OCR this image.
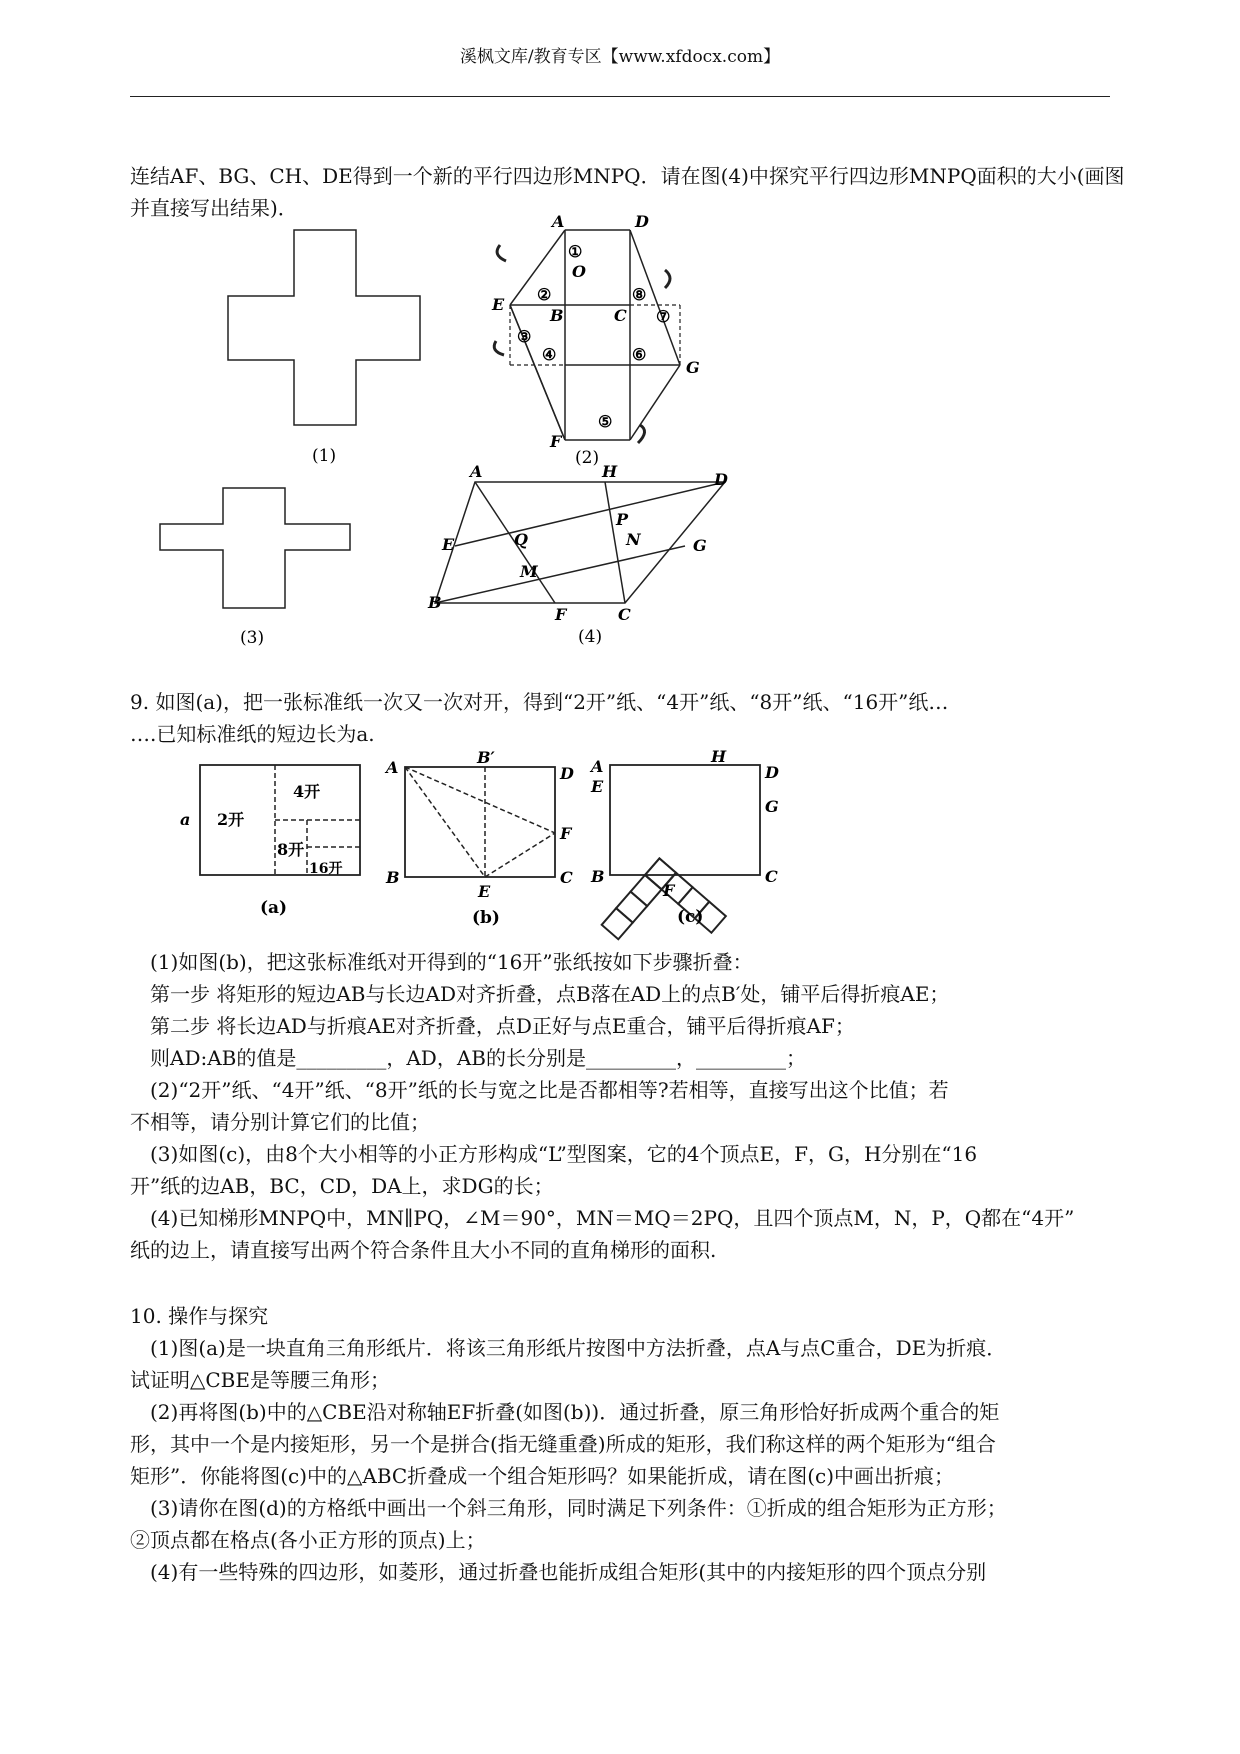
溪枫文库/教育专区【www.xfdocx.com】
连结AF、BG、CH、DE得到一个新的平行四边形MNPQ．请在图(4)中探究平行四边形MNPQ面积的大小(画图
并直接写出结果)．
(1)
A	D
O
E
B	C
G
F
①
②
③
④
⑤
⑥
⑦
⑧
(2)
(3)
A	H	D
P
E	Q	N	G
M
B
F	C
(4)
9. 如图(a)，把一张标准纸一次又一次对开，得到“2开”纸、“4开”纸、“8开”纸、“16开”纸…
….已知标准纸的短边长为a.
a 2开
4开
8开
16开
(a)
A
B′
D
F
B	C
E
(b)
A
E
H
D
G
B	C
F
(c)
(1)如图(b)，把这张标准纸对开得到的“16开”张纸按如下步骤折叠：
第一步 将矩形的短边AB与长边AD对齐折叠，点B落在AD上的点B′处，铺平后得折痕AE；
第二步 将长边AD与折痕AE对齐折叠，点D正好与点E重合，铺平后得折痕AF；
则AD:AB的值是_________，AD，AB的长分别是_________，_________；
(2)“2开”纸、“4开”纸、“8开”纸的长与宽之比是否都相等?若相等，直接写出这个比值；若
不相等，请分别计算它们的比值；
(3)如图(c)，由8个大小相等的小正方形构成“L”型图案，它的4个顶点E，F，G，H分别在“16
开”纸的边AB，BC，CD，DA上，求DG的长；
(4)已知梯形MNPQ中，MN∥PQ，∠M＝90°，MN＝MQ＝2PQ，且四个顶点M，N，P，Q都在“4开”
纸的边上，请直接写出两个符合条件且大小不同的直角梯形的面积.
10. 操作与探究
(1)图(a)是一块直角三角形纸片．将该三角形纸片按图中方法折叠，点A与点C重合，DE为折痕．
试证明△CBE是等腰三角形；
(2)再将图(b)中的△CBE沿对称轴EF折叠(如图(b))．通过折叠，原三角形恰好折成两个重合的矩
形，其中一个是内接矩形，另一个是拼合(指无缝重叠)所成的矩形，我们称这样的两个矩形为“组合
矩形”．你能将图(c)中的△ABC折叠成一个组合矩形吗？如果能折成，请在图(c)中画出折痕；
(3)请你在图(d)的方格纸中画出一个斜三角形，同时满足下列条件：①折成的组合矩形为正方形；
②顶点都在格点(各小正方形的顶点)上；
(4)有一些特殊的四边形，如菱形，通过折叠也能折成组合矩形(其中的内接矩形的四个顶点分别
